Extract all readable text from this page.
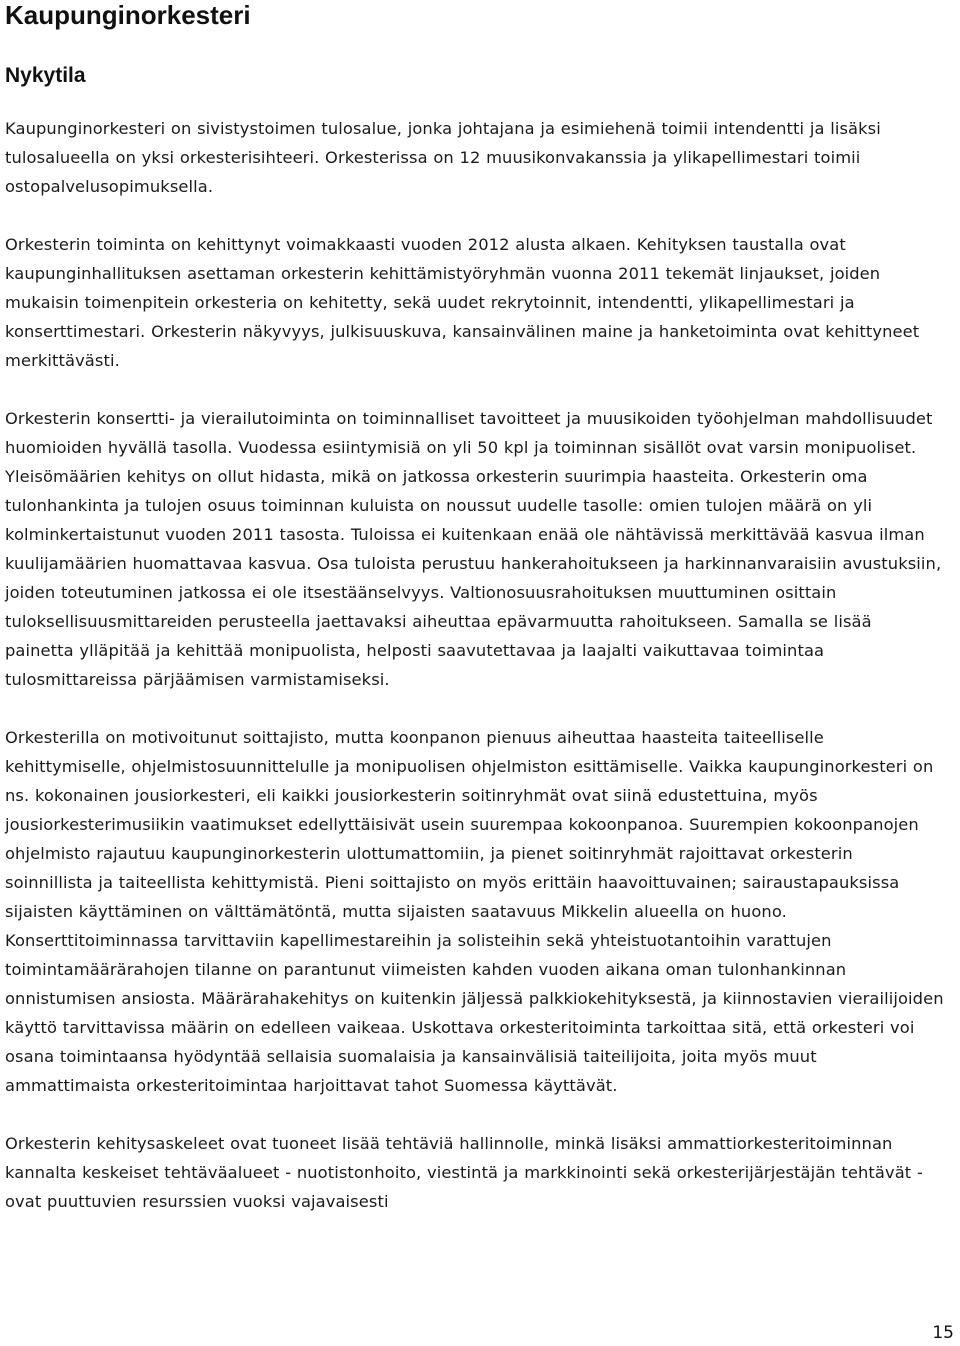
Kaupunginorkesteri
Nykytila

Kaupunginorkesteri on sivistystoimen tulosalue, jonka johtajana ja esimiehenä toimii intendentti ja lisäksi tulosalueella on yksi orkesterisihteeri. Orkesterissa on 12 muusikonvakanssia ja ylikapellimestari toimii ostopalvelusopimuksella.

Orkesterin toiminta on kehittynyt voimakkaasti vuoden 2012 alusta alkaen. Kehityksen taustalla ovat kaupunginhallituksen asettaman orkesterin kehittämistyöryhmän vuonna 2011 tekemät linjaukset, joiden mukaisin toimenpitein orkesteria on kehitetty, sekä uudet rekrytoinnit, intendentti, ylikapellimestari ja konserttimestari. Orkesterin näkyvyys, julkisuuskuva, kansainvälinen maine ja hanketoiminta ovat kehittyneet merkittävästi.

Orkesterin konsertti- ja vierailutoiminta on toiminnalliset tavoitteet ja muusikoiden työohjelman mahdollisuudet huomioiden hyvällä tasolla. Vuodessa esiintymisiä on yli 50 kpl ja toiminnan sisällöt ovat varsin monipuoliset. Yleisömäärien kehitys on ollut hidasta, mikä on jatkossa orkesterin suurimpia haasteita. Orkesterin oma tulonhankinta ja tulojen osuus toiminnan kuluista on noussut uudelle tasolle: omien tulojen määrä on yli kolminkertaistunut vuoden 2011 tasosta. Tuloissa ei kuitenkaan enää ole nähtävissä merkittävää kasvua ilman kuulijamäärien huomattavaa kasvua. Osa tuloista perustuu hankerahoitukseen ja harkinnanvaraisiin avustuksiin, joiden toteutuminen jatkossa ei ole itsestäänselvyys. Valtionosuusrahoituksen muuttuminen osittain tuloksellisuusmittareiden perusteella jaettavaksi aiheuttaa epävarmuutta rahoitukseen. Samalla se lisää painetta ylläpitää ja kehittää monipuolista, helposti saavutettavaa ja laajalti vaikuttavaa toimintaa tulosmittareissa pärjäämisen varmistamiseksi.

Orkesterilla on motivoitunut soittajisto, mutta koonpanon pienuus aiheuttaa haasteita taiteelliselle kehittymiselle, ohjelmistosuunnittelulle ja monipuolisen ohjelmiston esittämiselle. Vaikka kaupunginorkesteri on ns. kokonainen jousiorkesteri, eli kaikki jousiorkesterin soitinryhmät ovat siinä edustettuina, myös jousiorkesterimusiikin vaatimukset edellyttäisivät usein suurempaa kokoonpanoa. Suurempien kokoonpanojen ohjelmisto rajautuu kaupunginorkesterin ulottumattomiin, ja pienet soitinryhmät rajoittavat orkesterin soinnillista ja taiteellista kehittymistä. Pieni soittajisto on myös erittäin haavoittuvainen; sairaustapauksissa sijaisten käyttäminen on välttämätöntä, mutta sijaisten saatavuus Mikkelin alueella on huono. Konserttitoiminnassa tarvittaviin kapellimestareihin ja solisteihin sekä yhteistuotantoihin varattujen toimintamäärärahojen tilanne on parantunut viimeisten kahden vuoden aikana oman tulonhankinnan onnistumisen ansiosta. Määrärahakehitys on kuitenkin jäljessä palkkiokehityksestä, ja kiinnostavien vierailijoiden käyttö tarvittavissa määrin on edelleen vaikeaa. Uskottava orkesteritoiminta tarkoittaa sitä, että orkesteri voi osana toimintaansa hyödyntää sellaisia suomalaisia ja kansainvälisiä taiteilijoita, joita myös muut ammattimaista orkesteritoimintaa harjoittavat tahot Suomessa käyttävät.

Orkesterin kehitysaskeleet ovat tuoneet lisää tehtäviä hallinnolle, minkä lisäksi ammattiorkesteritoiminnan kannalta keskeiset tehtäväalueet - nuotistonhoito, viestintä ja markkinointi sekä orkesterijärjestäjän tehtävät - ovat puuttuvien resurssien vuoksi vajavaisesti

15
